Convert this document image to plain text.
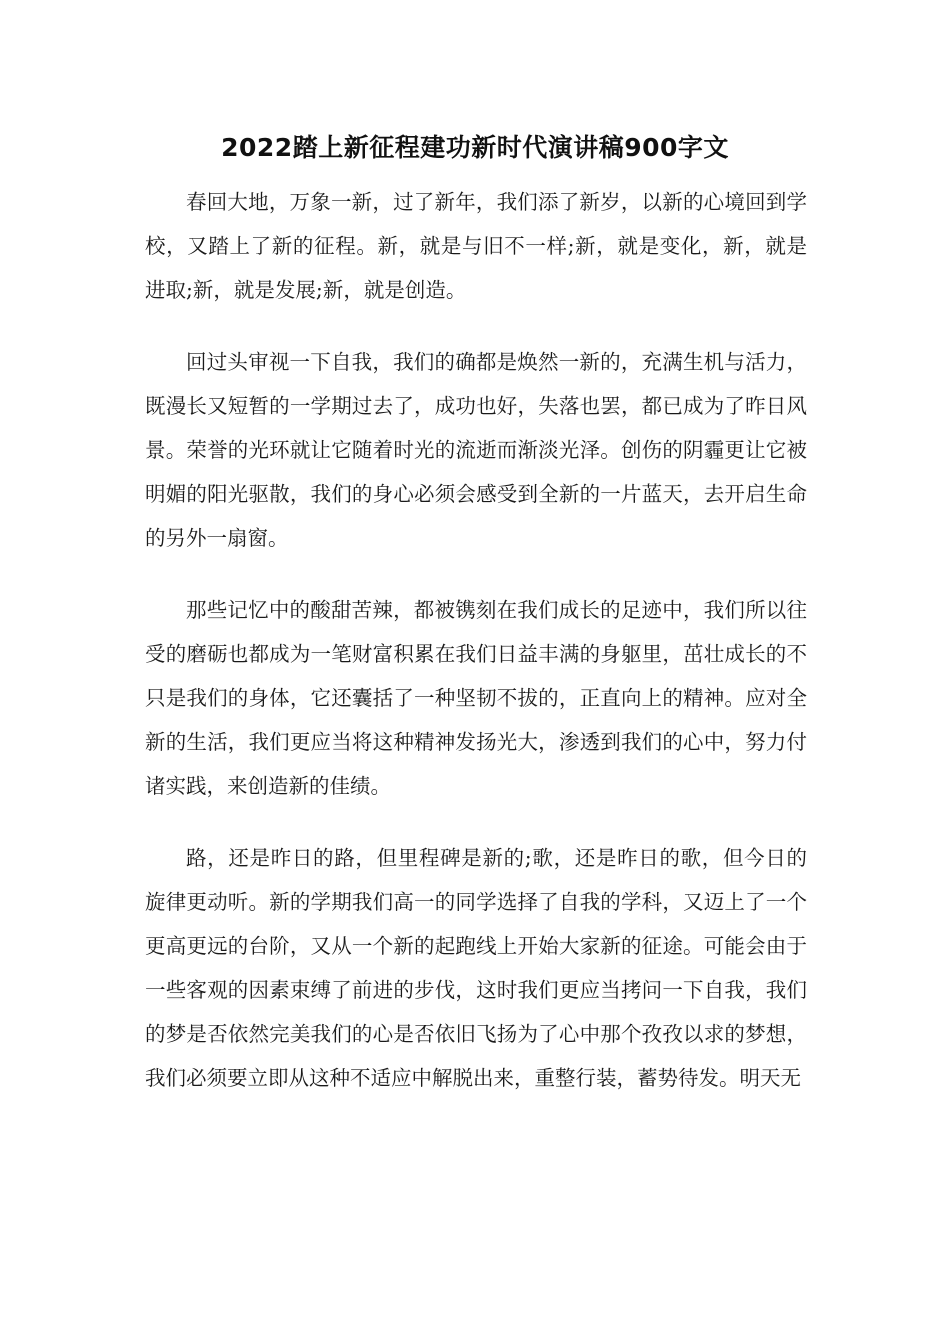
2022踏上新征程建功新时代演讲稿900字文

春回大地，万象一新，过了新年，我们添了新岁，以新的心境回到学校，又踏上了新的征程。新，就是与旧不一样;新，就是变化，新，就是进取;新，就是发展;新，就是创造。

回过头审视一下自我，我们的确都是焕然一新的，充满生机与活力，既漫长又短暂的一学期过去了，成功也好，失落也罢，都已成为了昨日风景。荣誉的光环就让它随着时光的流逝而渐淡光泽。创伤的阴霾更让它被明媚的阳光驱散，我们的身心必须会感受到全新的一片蓝天，去开启生命的另外一扇窗。

那些记忆中的酸甜苦辣，都被镌刻在我们成长的足迹中，我们所以往受的磨砺也都成为一笔财富积累在我们日益丰满的身躯里，茁壮成长的不只是我们的身体，它还囊括了一种坚韧不拔的，正直向上的精神。应对全新的生活，我们更应当将这种精神发扬光大，渗透到我们的心中，努力付诸实践，来创造新的佳绩。

路，还是昨日的路，但里程碑是新的;歌，还是昨日的歌，但今日的旋律更动听。新的学期我们高一的同学选择了自我的学科，又迈上了一个更高更远的台阶，又从一个新的起跑线上开始大家新的征途。可能会由于一些客观的因素束缚了前进的步伐，这时我们更应当拷问一下自我，我们的梦是否依然完美我们的心是否依旧飞扬为了心中那个孜孜以求的梦想，我们必须要立即从这种不适应中解脱出来，重整行装，蓄势待发。明天无
